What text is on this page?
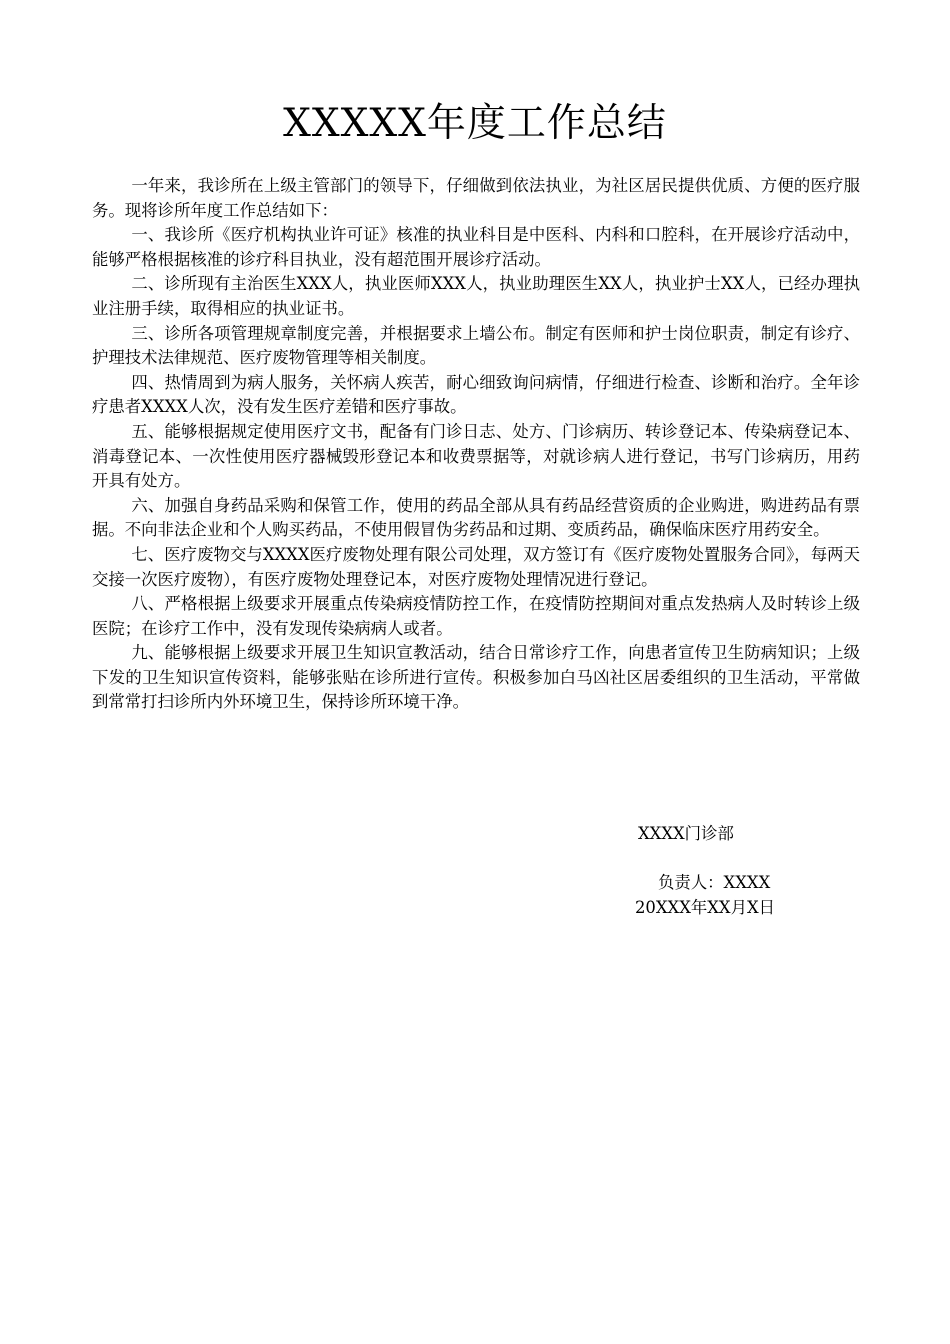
XXXXX年度工作总结

一年来，我诊所在上级主管部门的领导下，仔细做到依法执业，为社区居民提供优质、方便的医疗服务。现将诊所年度工作总结如下：

一、我诊所《医疗机构执业许可证》核准的执业科目是中医科、内科和口腔科，在开展诊疗活动中，能够严格根据核准的诊疗科目执业，没有超范围开展诊疗活动。

二、诊所现有主治医生XXX人，执业医师XXX人，执业助理医生XX人，执业护士XX人，已经办理执业注册手续，取得相应的执业证书。

三、诊所各项管理规章制度完善，并根据要求上墙公布。制定有医师和护士岗位职责，制定有诊疗、护理技术法律规范、医疗废物管理等相关制度。

四、热情周到为病人服务，关怀病人疾苦，耐心细致询问病情，仔细进行检查、诊断和治疗。全年诊疗患者XXXX人次，没有发生医疗差错和医疗事故。

五、能够根据规定使用医疗文书，配备有门诊日志、处方、门诊病历、转诊登记本、传染病登记本、消毒登记本、一次性使用医疗器械毁形登记本和收费票据等，对就诊病人进行登记，书写门诊病历，用药开具有处方。

六、加强自身药品采购和保管工作，使用的药品全部从具有药品经营资质的企业购进，购进药品有票据。不向非法企业和个人购买药品，不使用假冒伪劣药品和过期、变质药品，确保临床医疗用药安全。

七、医疗废物交与XXXX医疗废物处理有限公司处理，双方签订有《医疗废物处置服务合同》，每两天交接一次医疗废物），有医疗废物处理登记本，对医疗废物处理情况进行登记。

八、严格根据上级要求开展重点传染病疫情防控工作，在疫情防控期间对重点发热病人及时转诊上级医院；在诊疗工作中，没有发现传染病病人或者。

九、能够根据上级要求开展卫生知识宣教活动，结合日常诊疗工作，向患者宣传卫生防病知识；上级下发的卫生知识宣传资料，能够张贴在诊所进行宣传。积极参加白马凶社区居委组织的卫生活动，平常做到常常打扫诊所内外环境卫生，保持诊所环境干净。

XXXX门诊部
负责人：XXXX
20XXX年XX月X日
